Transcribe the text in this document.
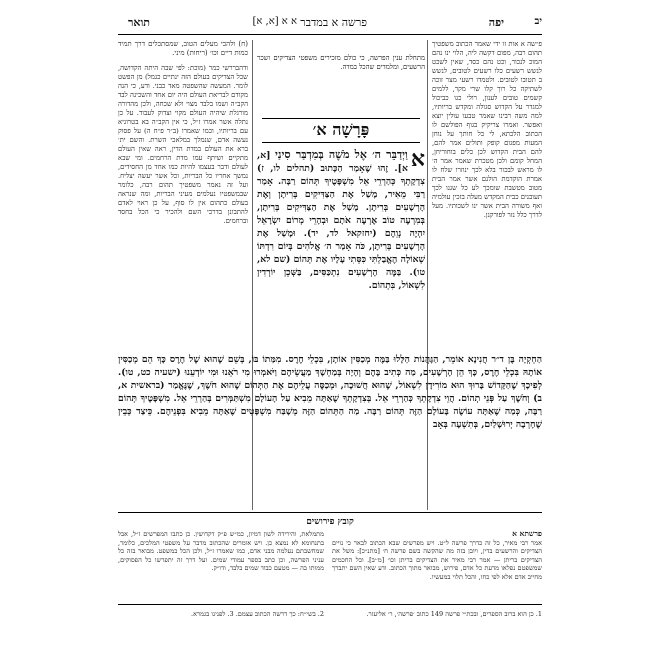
יב
יפה
פרשה א במדבר
א א [א, א]
תואר
פ״שה א אות זו ידי שאמר הכתוב משפטיך תהום רבה, מפום דקשה ליה, הלוי ינו נהם המוכ לנכור, וכט נהם כסד, שאין לשכט לנשש רשעים כלו רשעים לטובים, לנשש ב תטובו לטובים. ולטמדו רשעי מצר זוכה לשתיקה כל רוך קלו שרי מקר, ללמים קשמים טובים לענון, רולי כגו כביכול למגדר על הקדוש סגולה ומקדש בריותיו, למה משה רבינו שאמר טבעו עולין יוצא ואפשר. ואמרו צריקיק בגוף הפולשם לו הכתוב הלכתא, לי כל חותך על נוחן המעות מפגום קופק ותולים אמר להם, להם הבית הקדוש לכן כלים בוחוריחן, המחל קומם ולכן מטכרת שאמר אמר ה׳ לו מראש לבכור בלא לכך ינוזרו שלח לו אמרת הוקדמת הולנם אשר אמר הבית מטוב מטשבת שומכך לע כל שגנו לכך תעובנים כבית המקדש מעלה בזכין עולמיה ואף משורה הבית אשר ינו לשכותיו. מעל לדרך כלל נזר לפורקנן.
ודהבררשי כמר (מוכת: לפי שבה היתה הקדושה, שכל הצדיקים בעולם הזה ינתיים כגמל) מן הפשט לומר. המעשה שהשפטה מאד כבני. ודע, כי הנה מקודם לבריאת העולם היה יום אחד והשכינה לבד הקב״ה ושמו בלבד מצוי ולא שכחה, ולכן מהדורה מורגלת שיהיה העולם מקוי וצדוק לעבוד. על כן נתלה אשר אמרו ז״ל, כי אין הקב״ה בא בטרוניא עם בריותיו, וכמו שאמרו (ב״ר פ״ח ה) על פסוק נעשה אדם, שנמלך במלאכי השרת. והשם ית׳ ברא את העולם במדת הדין, ראה שאין העולם מתקיים ושיתף עמו מדת הרחמים. ומי שבא לעולם ודבר בעצמו להיות כמו אחד מן החסידים, נמשך אחריו כל הבריות, וכל אשר יעשה יצליח. ועל זה נאמר משפטיך תהום רבה, כלומר שבמשפטיו נעלמים מעיני הבריות, ומה שנראה בעולם כתהום אין לו סוף, על כן ראוי לאדם להתבונן בדרכי השם ולהכיר כי הכל בחסד וברחמים.
(ח) ולהכי מעלים הטוב, שמסתכלים דרך תמיד כמות דיים וכו׳ (ריחות) מיני.
מתחלת ענין הפרשה, כי כולם מזכירים משפטי הצדיקים ושכר הרשעים, ומלמדים שהכל במדה.
פָּרָשָׁה א׳
א
וַיְדַבֵּר ה׳ אֶל מֹשֶׁה בְּמִדְבַּר סִינַי [א, א]. זֶהוּ שֶׁאָמַר הַכָּתוּב (תהלים לו, ז) צִדְקָתְךָ כְּהַרְרֵי אֵל מִשְׁפָּטֶיךָ תְּהוֹם רַבָּה. אָמַר רַבִּי מֵאִיר, מָשַׁל אֶת הַצַּדִּיקִים בְּרִיתָן וְאֶת הָרְשָׁעִים בְּרִיתָן. מָשַׁל אֶת הַצַּדִּיקִים בְּרִיתָן, בְּמִרְעֶה טוֹב אֶרְעֶה אֹתָם וּבְהָרֵי מְרוֹם יִשְׂרָאֵל יִהְיֶה נְוֵהֶם (יחזקאל לד, יד). וּמָשַׁל אֶת הָרְשָׁעִים בְּרִיתָן, כֹּה אָמַר ה׳ אֱלֹהִים בְּיוֹם רִדְתּוֹ שְׁאוֹלָה הֶאֱבַלְתִּי כִּסֵּתִי עָלָיו אֶת תְּהוֹם (שם לא, טו). בַּמֶּה הָרְשָׁעִים נִתְכַּסִּים, בַּשְּׁכֵן יוֹרְדִין לִשְׁאוֹל, בִּתְהוֹם.
הַחְקְיָה בֶּן ד״ר חֲנִינָא אוֹמֵר, הַגָּהֲנוֹת הַלָּלוּ בַּמֶּה מְכַסִּין אוֹתָן, בִּכְלֵי חֶרֶס. מִמַּתוֹ בּוֹ, בְּשֵׁם שֶׁהוּא שֶׁל חֶרֶס כָּךְ הֵם מְכַסִּין אוֹתָהּ בִּכְלֵי חֶרֶס, כָּךְ הֵן הָרְשָׁעִים, מַה כְּתִיב בָּהֶם וְהָיָה בְּמַחְשָׁךְ מַעֲשֵׂיהֶם וַיֹּאמְרוּ מִי רֹאֵנוּ וּמִי יוֹדְעֵנוּ (ישעיה כט, טו). לְפִיכָךְ שֶׁהַקָּדוֹשׁ בָּרוּךְ הוּא מוֹרִידָן לִשְׁאוֹל, שֶׁהוּא חֲשׁוּכָה, וּמְכַסֶּה עֲלֵיהֶם אֶת הַתְּהוֹם שֶׁהוּא חֹשֶׁךְ, שֶׁנֶּאֱמַר (בראשית א, ב) וְחֹשֶׁךְ עַל פְּנֵי תְהוֹם. הֲוֵי צִדְקָתְךָ כְּהַרְרֵי אֵל. בְּצִדְקָתְךָ שֶׁאַתָּה מֵבִיא עַל הָעוֹלָם מִשְׁתַּמְּרִים בְּהַרְרֵי אֵל. מִשְׁפָּטֶיךָ תְּהוֹם רַבָּה, כְּמַה שֶׁאַתָּה עוֹשֶׂה בָּעוֹלָם הַזֶּה תְּהוֹם רַבָּה. מַה הַתְּהוֹם הַזֶּה מְשָׁבַּח מִשְׁפָּטִים שֶׁאַתָּה מֵבִיא בִּפְנֵיהֶם. כֵּיצַד כְּבֵין שֶׁחָרְבָה יְרוּשָׁלַיִם, בְּתִשְׁעָה בְּאָב
קובץ פירושים
פרשתא א
אמר רבי מאיר, כל זה כדרך פרשה ל״ט. ויש מפרשים שבא הכתוב לבאר כי נויים הצדיקים והרשעים בדין, ויובן בזה מה שהקשה בשם פרשה ח׳ [מתנ״כ]: משל את הצדיקים בריתן — אמר רבי מאיר את הצדיקים בריתן וכו׳ [מ׳׳ב]. וכל החכמים שמשפטם נפלאו מדעת כל אדם, פירוש, מבואר מתוך הכתוב. ודע שאין השם יתברך מחייב אדם אלא לפי כחו, והכל תלוי במעשיו.
מתמלאת, והירידה לשון דמיון, כמ״ש פ״ק דקדושין. כן כתבו המפרשים ז״ל, אבל בתנחומא לא נמצא כן. ויש אומרים שהכתוב מדבר על משפטי המלכים, כלומר, שמחשבתם נעלמה מבני אדם, כמו שאמרו ז״ל, ולכן הכל במשפט. מבואר בזה כל עניני הפרשה, וכן כתב בספר עמודי שמים. ועל דרך זה יתפרשו כל הפסוקים, ממותו בה — מטעם כבוד שמים בלבד, ודו״ק.
1. כן הוא ברוב הספרים, ובכת״י פרשה 149 כתוב ׳פרשה׳, ר׳ אליעזר.
2. בשי״ח: כך דרשה הכתוב עצמם. 3. לפנינו בגמרא.
